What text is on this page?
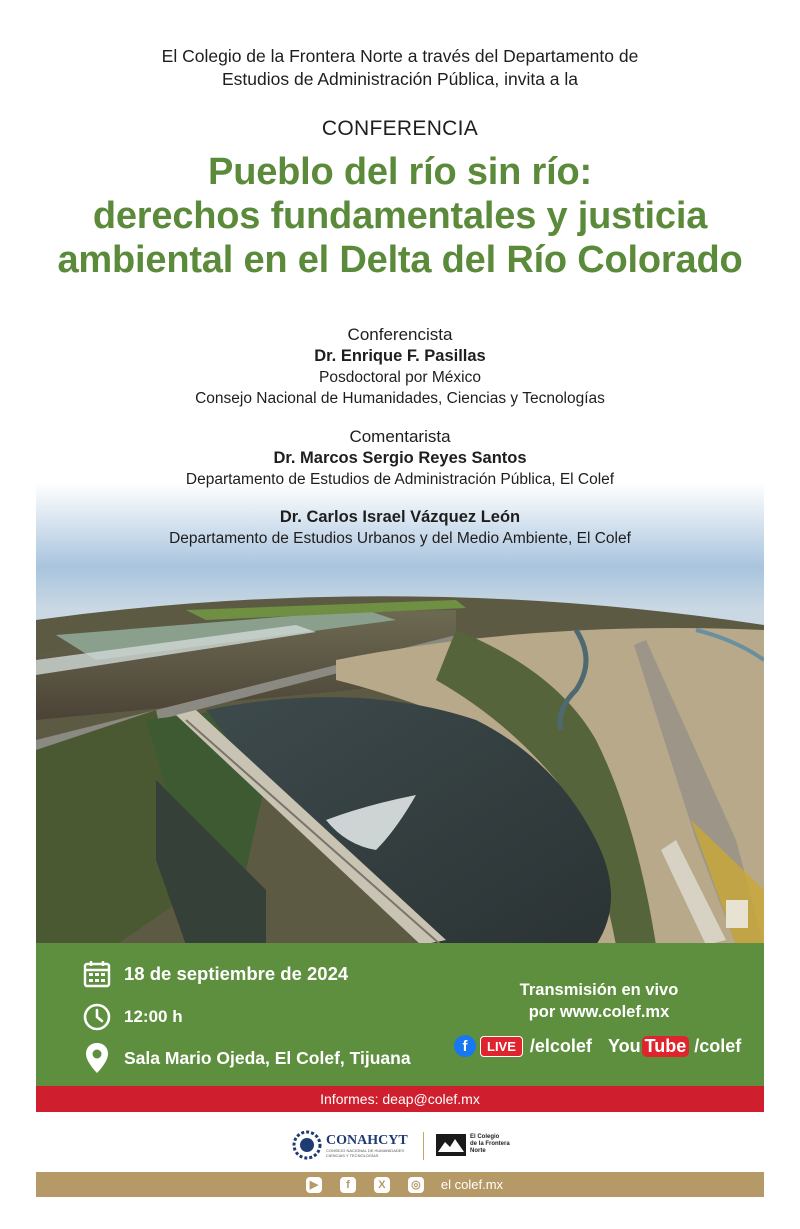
El Colegio de la Frontera Norte a través del Departamento de
Estudios de Administración Pública, invita a la
CONFERENCIA
Pueblo del río sin río:
derechos fundamentales y justicia
ambiental en el Delta del Río Colorado
Conferencista
Dr. Enrique F. Pasillas
Posdoctoral por México
Consejo Nacional de Humanidades, Ciencias y Tecnologías
Comentarista
Dr. Marcos Sergio Reyes Santos
Departamento de Estudios de Administración Pública, El Colef
Dr. Carlos Israel Vázquez León
Departamento de Estudios Urbanos y del Medio Ambiente, El Colef
18 de septiembre de 2024
12:00 h
Sala Mario Ojeda, El Colef, Tijuana
Transmisión en vivo
por www.colef.mx
f	LIVE /elcolef You Tube /colef
Informes: deap@colef.mx
CONAHCYT
CONSEJO NACIONAL DE HUMANIDADES
CIENCIAS Y TECNOLOGÍAS
El Colegio
de la Frontera
Norte
▶	f	X	◎ el colef.mx
